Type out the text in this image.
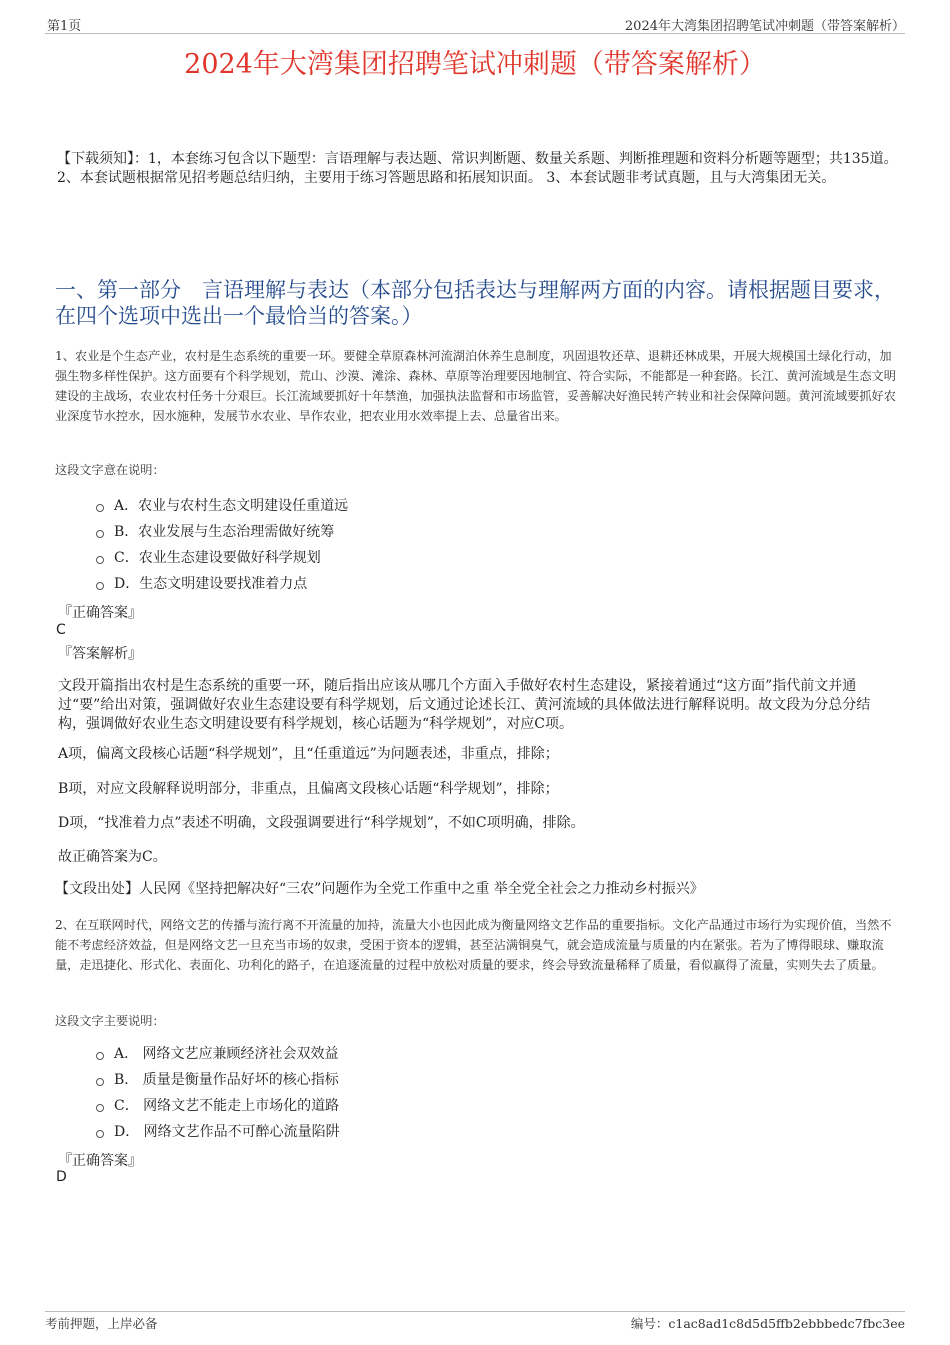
第1页	2024年大湾集团招聘笔试冲刺题（带答案解析）
2024年大湾集团招聘笔试冲刺题（带答案解析）
【下载须知】：1，本套练习包含以下题型：言语理解与表达题、常识判断题、数量关系题、判断推理题和资料分析题等题型；共135道。 2、本套试题根据常见招考题总结归纳，主要用于练习答题思路和拓展知识面。 3、本套试题非考试真题，且与大湾集团无关。
一、第一部分　言语理解与表达（本部分包括表达与理解两方面的内容。请根据题目要求，在四个选项中选出一个最恰当的答案。）
1、农业是个生态产业，农村是生态系统的重要一环。要健全草原森林河流湖泊休养生息制度，巩固退牧还草、退耕还林成果，开展大规模国土绿化行动，加强生物多样性保护。这方面要有个科学规划，荒山、沙漠、滩涂、森林、草原等治理要因地制宜、符合实际，不能都是一种套路。长江、黄河流域是生态文明建设的主战场，农业农村任务十分艰巨。长江流域要抓好十年禁渔，加强执法监督和市场监管，妥善解决好渔民转产转业和社会保障问题。黄河流域要抓好农业深度节水控水，因水施种，发展节水农业、旱作农业，把农业用水效率提上去、总量省出来。
这段文字意在说明：
A．农业与农村生态文明建设任重道远
B．农业发展与生态治理需做好统筹
C．农业生态建设要做好科学规划
D．生态文明建设要找准着力点
『正确答案』
C
『答案解析』
文段开篇指出农村是生态系统的重要一环，随后指出应该从哪几个方面入手做好农村生态建设，紧接着通过“这方面”指代前文并通过“要”给出对策，强调做好农业生态建设要有科学规划，后文通过论述长江、黄河流域的具体做法进行解释说明。故文段为分总分结构，强调做好农业生态文明建设要有科学规划，核心话题为“科学规划”，对应C项。
A项，偏离文段核心话题“科学规划”，且“任重道远”为问题表述，非重点，排除；
B项，对应文段解释说明部分，非重点，且偏离文段核心话题“科学规划”，排除；
D项，“找准着力点”表述不明确，文段强调要进行“科学规划”，不如C项明确，排除。
故正确答案为C。
【文段出处】人民网《坚持把解决好“三农”问题作为全党工作重中之重 举全党全社会之力推动乡村振兴》
2、在互联网时代，网络文艺的传播与流行离不开流量的加持，流量大小也因此成为衡量网络文艺作品的重要指标。文化产品通过市场行为实现价值，当然不能不考虑经济效益，但是网络文艺一旦充当市场的奴隶，受困于资本的逻辑，甚至沾满铜臭气，就会造成流量与质量的内在紧张。若为了博得眼球、赚取流量，走迅捷化、形式化、表面化、功利化的路子，在追逐流量的过程中放松对质量的要求，终会导致流量稀释了质量，看似赢得了流量，实则失去了质量。
这段文字主要说明：
A． 网络文艺应兼顾经济社会双效益
B． 质量是衡量作品好坏的核心指标
C． 网络文艺不能走上市场化的道路
D． 网络文艺作品不可醉心流量陷阱
『正确答案』
D
考前押题，上岸必备	编号：c1ac8ad1c8d5d5ffb2ebbbedc7fbc3ee
